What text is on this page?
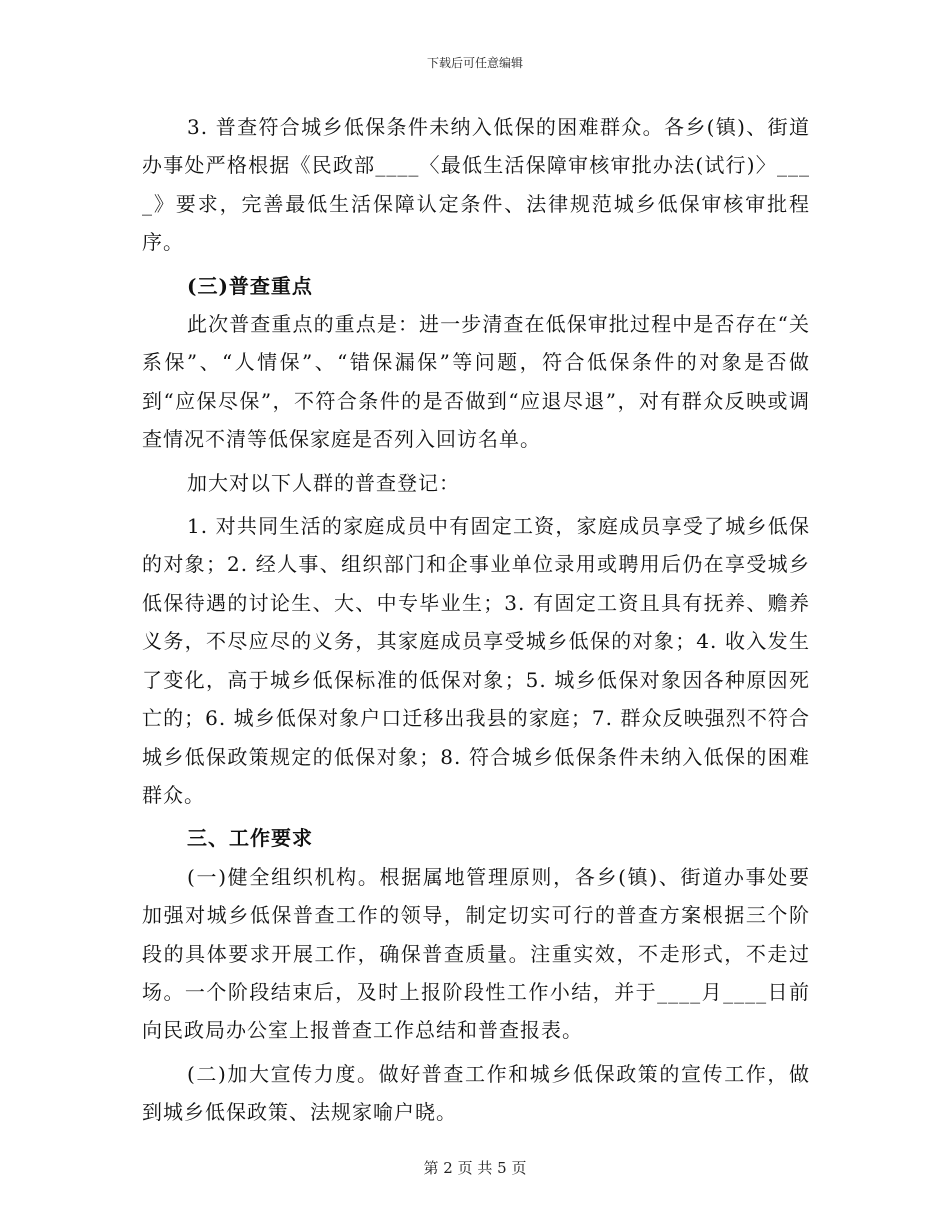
下载后可任意编辑

3. 普查符合城乡低保条件未纳入低保的困难群众。各乡(镇)、街道办事处严格根据《民政部____〈最低生活保障审核审批办法(试行)〉____》要求，完善最低生活保障认定条件、法律规范城乡低保审核审批程序。

(三)普查重点

此次普查重点的重点是：进一步清查在低保审批过程中是否存在“关系保”、“人情保”、“错保漏保”等问题，符合低保条件的对象是否做到“应保尽保”，不符合条件的是否做到“应退尽退”，对有群众反映或调查情况不清等低保家庭是否列入回访名单。

加大对以下人群的普查登记：

1. 对共同生活的家庭成员中有固定工资，家庭成员享受了城乡低保的对象；2. 经人事、组织部门和企事业单位录用或聘用后仍在享受城乡低保待遇的讨论生、大、中专毕业生；3. 有固定工资且具有抚养、赡养义务，不尽应尽的义务，其家庭成员享受城乡低保的对象；4. 收入发生了变化，高于城乡低保标准的低保对象；5. 城乡低保对象因各种原因死亡的；6. 城乡低保对象户口迁移出我县的家庭；7. 群众反映强烈不符合城乡低保政策规定的低保对象；8. 符合城乡低保条件未纳入低保的困难群众。

三、工作要求

(一)健全组织机构。根据属地管理原则，各乡(镇)、街道办事处要加强对城乡低保普查工作的领导，制定切实可行的普查方案根据三个阶段的具体要求开展工作，确保普查质量。注重实效，不走形式，不走过场。一个阶段结束后，及时上报阶段性工作小结，并于____月____日前向民政局办公室上报普查工作总结和普查报表。

(二)加大宣传力度。做好普查工作和城乡低保政策的宣传工作，做到城乡低保政策、法规家喻户晓。

第 2 页 共 5 页
